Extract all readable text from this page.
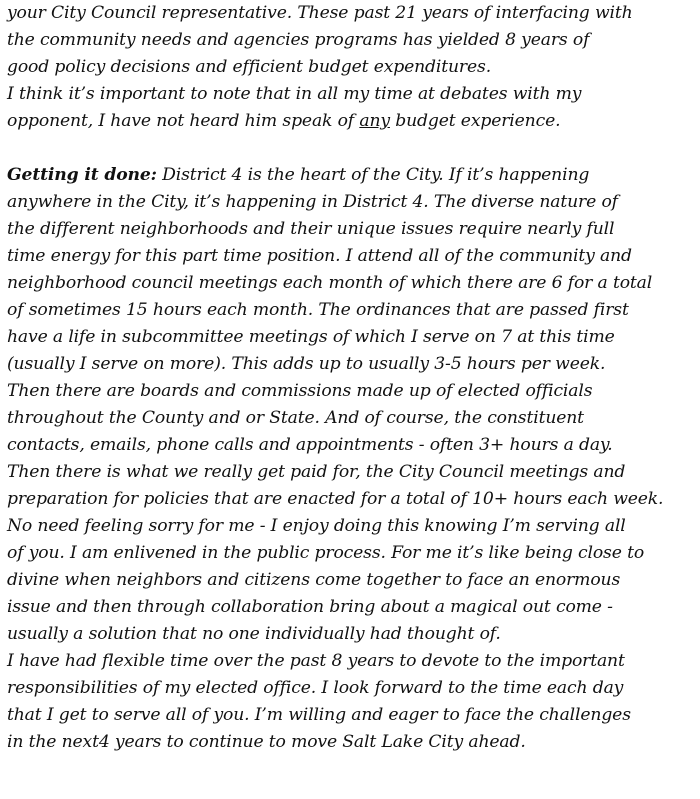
your City Council representative. These past 21 years of interfacing with
the community needs and agencies programs has yielded 8 years of
good policy decisions and efficient budget expenditures.
I think it’s important to note that in all my time at debates with my
opponent, I have not heard him speak of any budget experience.
Getting it done: District 4 is the heart of the City. If it’s happening
anywhere in the City, it’s happening in District 4. The diverse nature of
the different neighborhoods and their unique issues require nearly full
time energy for this part time position. I attend all of the community and
neighborhood council meetings each month of which there are 6 for a total
of sometimes 15 hours each month. The ordinances that are passed first
have a life in subcommittee meetings of which I serve on 7 at this time
(usually I serve on more). This adds up to usually 3-5 hours per week.
Then there are boards and commissions made up of elected officials
throughout the County and or State. And of course, the constituent
contacts, emails, phone calls and appointments - often 3+ hours a day.
Then there is what we really get paid for, the City Council meetings and
preparation for policies that are enacted for a total of 10+ hours each week.
No need feeling sorry for me - I enjoy doing this knowing I’m serving all
of you. I am enlivened in the public process. For me it’s like being close to
divine when neighbors and citizens come together to face an enormous
issue and then through collaboration bring about a magical out come -
usually a solution that no one individually had thought of.
I have had flexible time over the past 8 years to devote to the important
responsibilities of my elected office. I look forward to the time each day
that I get to serve all of you. I’m willing and eager to face the challenges
in the next4 years to continue to move Salt Lake City ahead.
